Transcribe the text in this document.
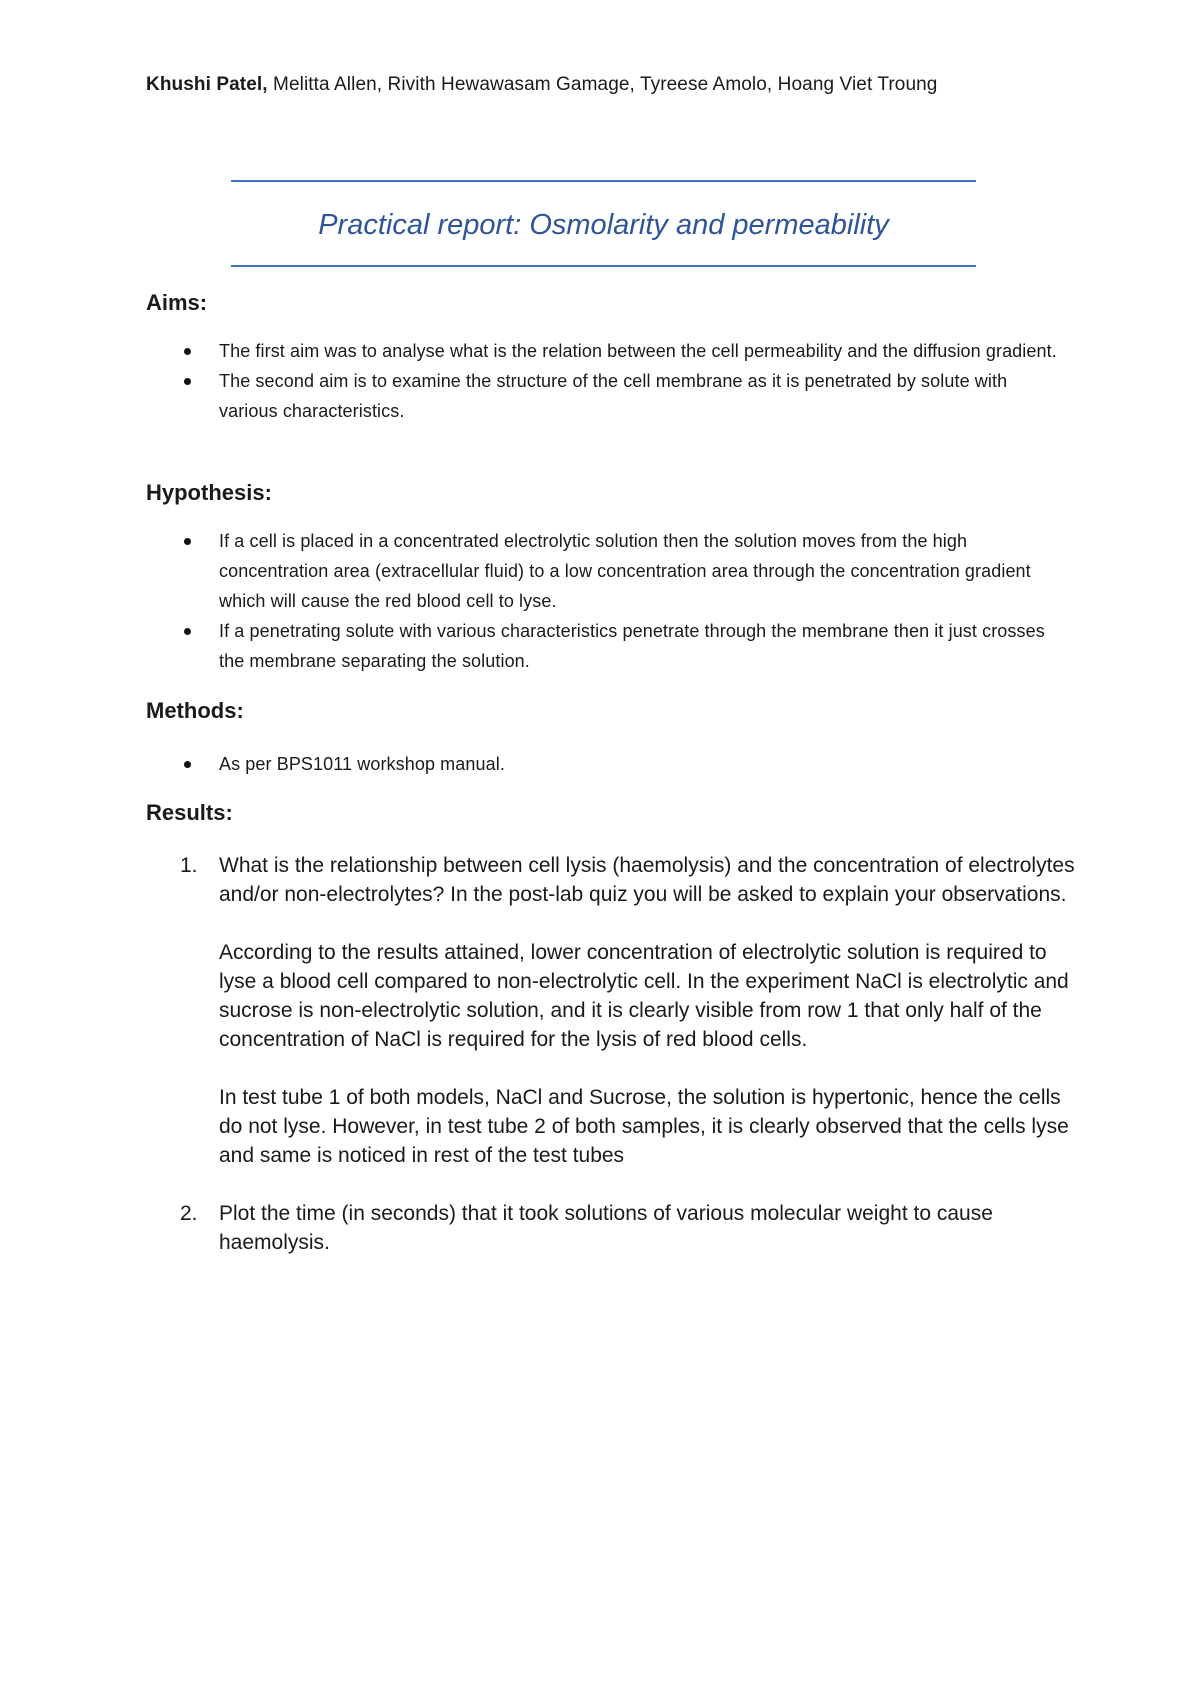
Khushi Patel, Melitta Allen, Rivith Hewawasam Gamage, Tyreese Amolo, Hoang Viet Troung
Practical report: Osmolarity and permeability
Aims:
The first aim was to analyse what is the relation between the cell permeability and the diffusion gradient.
The second aim is to examine the structure of the cell membrane as it is penetrated by solute with various characteristics.
Hypothesis:
If a cell is placed in a concentrated electrolytic solution then the solution moves from the high concentration area (extracellular fluid) to a low concentration area through the concentration gradient which will cause the red blood cell to lyse.
If a penetrating solute with various characteristics penetrate through the membrane then it just crosses the membrane separating the solution.
Methods:
As per BPS1011 workshop manual.
Results:
1. What is the relationship between cell lysis (haemolysis) and the concentration of electrolytes and/or non-electrolytes? In the post-lab quiz you will be asked to explain your observations.

According to the results attained, lower concentration of electrolytic solution is required to lyse a blood cell compared to non-electrolytic cell. In the experiment NaCl is electrolytic and sucrose is non-electrolytic solution, and it is clearly visible from row 1 that only half of the concentration of NaCl is required for the lysis of red blood cells.

In test tube 1 of both models, NaCl and Sucrose, the solution is hypertonic, hence the cells do not lyse. However, in test tube 2 of both samples, it is clearly observed that the cells lyse and same is noticed in rest of the test tubes

2. Plot the time (in seconds) that it took solutions of various molecular weight to cause haemolysis.
